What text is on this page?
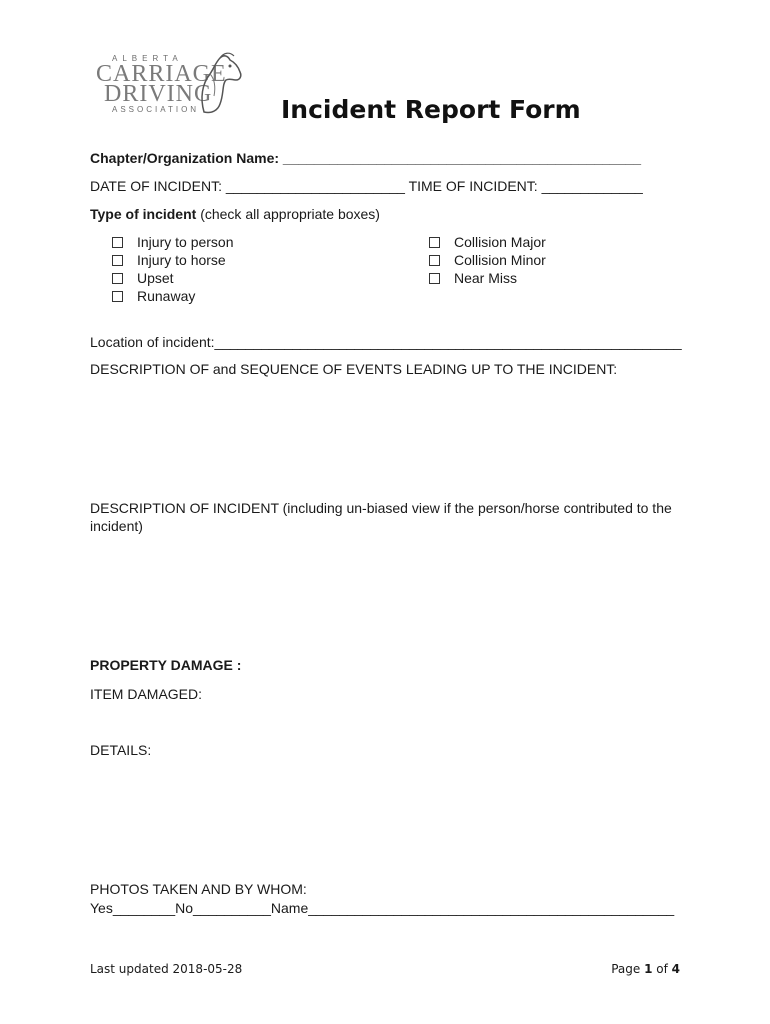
ALBERTA
CARRIAGE
DRIVING
ASSOCIATION	Incident Report Form
Chapter/Organization Name: ______________________________________________
DATE OF INCIDENT: _______________________ TIME OF INCIDENT: _____________
Type of incident (check all appropriate boxes)
Injury to person
Injury to horse
Upset
Runaway
Collision Major
Collision Minor
Near Miss
Location of incident:____________________________________________________________
DESCRIPTION OF and SEQUENCE OF EVENTS LEADING UP TO THE INCIDENT:
DESCRIPTION OF INCIDENT (including un-biased view if the person/horse contributed to the
incident)
PROPERTY DAMAGE :
ITEM DAMAGED:
DETAILS:
PHOTOS TAKEN AND BY WHOM:
Yes________No__________Name_______________________________________________
Last updated 2018-05-28	Page 1 of 4
